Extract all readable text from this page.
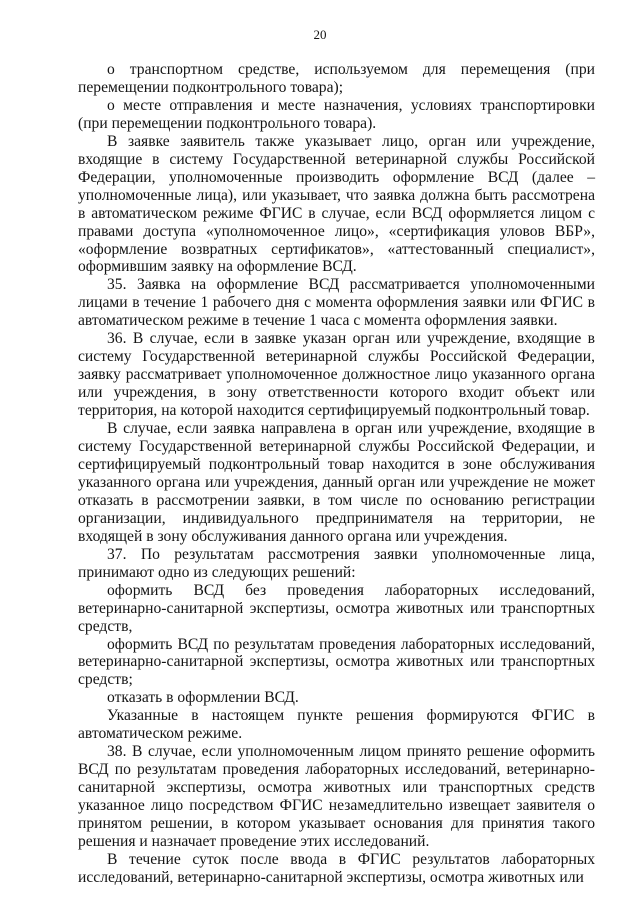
20

о транспортном средстве, используемом для перемещения (при перемещении подконтрольного товара);

о месте отправления и месте назначения, условиях транспортировки (при перемещении подконтрольного товара).

В заявке заявитель также указывает лицо, орган или учреждение, входящие в систему Государственной ветеринарной службы Российской Федерации, уполномоченные производить оформление ВСД (далее – уполномоченные лица), или указывает, что заявка должна быть рассмотрена в автоматическом режиме ФГИС в случае, если ВСД оформляется лицом с правами доступа «уполномоченное лицо», «сертификация уловов ВБР», «оформление возвратных сертификатов», «аттестованный специалист», оформившим заявку на оформление ВСД.

35. Заявка на оформление ВСД рассматривается уполномоченными лицами в течение 1 рабочего дня с момента оформления заявки или ФГИС в автоматическом режиме в течение 1 часа с момента оформления заявки.

36. В случае, если в заявке указан орган или учреждение, входящие в систему Государственной ветеринарной службы Российской Федерации, заявку рассматривает уполномоченное должностное лицо указанного органа или учреждения, в зону ответственности которого входит объект или территория, на которой находится сертифицируемый подконтрольный товар.

В случае, если заявка направлена в орган или учреждение, входящие в систему Государственной ветеринарной службы Российской Федерации, и сертифицируемый подконтрольный товар находится в зоне обслуживания указанного органа или учреждения, данный орган или учреждение не может отказать в рассмотрении заявки, в том числе по основанию регистрации организации, индивидуального предпринимателя на территории, не входящей в зону обслуживания данного органа или учреждения.

37. По результатам рассмотрения заявки уполномоченные лица, принимают одно из следующих решений:

оформить ВСД без проведения лабораторных исследований, ветеринарно-санитарной экспертизы, осмотра животных или транспортных средств,

оформить ВСД по результатам проведения лабораторных исследований, ветеринарно-санитарной экспертизы, осмотра животных или транспортных средств;

отказать в оформлении ВСД.

Указанные в настоящем пункте решения формируются ФГИС в автоматическом режиме.

38. В случае, если уполномоченным лицом принято решение оформить ВСД по результатам проведения лабораторных исследований, ветеринарно-санитарной экспертизы, осмотра животных или транспортных средств указанное лицо посредством ФГИС незамедлительно извещает заявителя о принятом решении, в котором указывает основания для принятия такого решения и назначает проведение этих исследований.

В течение суток после ввода в ФГИС результатов лабораторных исследований, ветеринарно-санитарной экспертизы, осмотра животных или
